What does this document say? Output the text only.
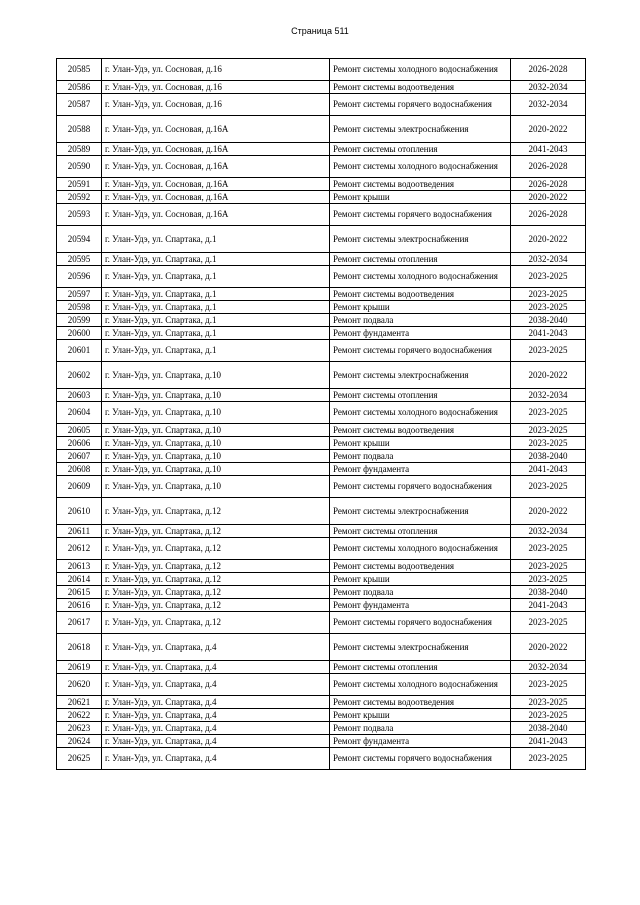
Страница 511
20585	г. Улан-Удэ, ул. Сосновая, д.16	Ремонт системы холодного водоснабжения	2026-2028
20586	г. Улан-Удэ, ул. Сосновая, д.16	Ремонт системы водоотведения	2032-2034
20587	г. Улан-Удэ, ул. Сосновая, д.16	Ремонт системы горячего водоснабжения	2032-2034
20588	г. Улан-Удэ, ул. Сосновая, д.16А	Ремонт системы электроснабжения	2020-2022
20589	г. Улан-Удэ, ул. Сосновая, д.16А	Ремонт системы отопления	2041-2043
20590	г. Улан-Удэ, ул. Сосновая, д.16А	Ремонт системы холодного водоснабжения	2026-2028
20591	г. Улан-Удэ, ул. Сосновая, д.16А	Ремонт системы водоотведения	2026-2028
20592	г. Улан-Удэ, ул. Сосновая, д.16А	Ремонт крыши	2020-2022
20593	г. Улан-Удэ, ул. Сосновая, д.16А	Ремонт системы горячего водоснабжения	2026-2028
20594	г. Улан-Удэ, ул. Спартака, д.1	Ремонт системы электроснабжения	2020-2022
20595	г. Улан-Удэ, ул. Спартака, д.1	Ремонт системы отопления	2032-2034
20596	г. Улан-Удэ, ул. Спартака, д.1	Ремонт системы холодного водоснабжения	2023-2025
20597	г. Улан-Удэ, ул. Спартака, д.1	Ремонт системы водоотведения	2023-2025
20598	г. Улан-Удэ, ул. Спартака, д.1	Ремонт крыши	2023-2025
20599	г. Улан-Удэ, ул. Спартака, д.1	Ремонт подвала	2038-2040
20600	г. Улан-Удэ, ул. Спартака, д.1	Ремонт фундамента	2041-2043
20601	г. Улан-Удэ, ул. Спартака, д.1	Ремонт системы горячего водоснабжения	2023-2025
20602	г. Улан-Удэ, ул. Спартака, д.10	Ремонт системы электроснабжения	2020-2022
20603	г. Улан-Удэ, ул. Спартака, д.10	Ремонт системы отопления	2032-2034
20604	г. Улан-Удэ, ул. Спартака, д.10	Ремонт системы холодного водоснабжения	2023-2025
20605	г. Улан-Удэ, ул. Спартака, д.10	Ремонт системы водоотведения	2023-2025
20606	г. Улан-Удэ, ул. Спартака, д.10	Ремонт крыши	2023-2025
20607	г. Улан-Удэ, ул. Спартака, д.10	Ремонт подвала	2038-2040
20608	г. Улан-Удэ, ул. Спартака, д.10	Ремонт фундамента	2041-2043
20609	г. Улан-Удэ, ул. Спартака, д.10	Ремонт системы горячего водоснабжения	2023-2025
20610	г. Улан-Удэ, ул. Спартака, д.12	Ремонт системы электроснабжения	2020-2022
20611	г. Улан-Удэ, ул. Спартака, д.12	Ремонт системы отопления	2032-2034
20612	г. Улан-Удэ, ул. Спартака, д.12	Ремонт системы холодного водоснабжения	2023-2025
20613	г. Улан-Удэ, ул. Спартака, д.12	Ремонт системы водоотведения	2023-2025
20614	г. Улан-Удэ, ул. Спартака, д.12	Ремонт крыши	2023-2025
20615	г. Улан-Удэ, ул. Спартака, д.12	Ремонт подвала	2038-2040
20616	г. Улан-Удэ, ул. Спартака, д.12	Ремонт фундамента	2041-2043
20617	г. Улан-Удэ, ул. Спартака, д.12	Ремонт системы горячего водоснабжения	2023-2025
20618	г. Улан-Удэ, ул. Спартака, д.4	Ремонт системы электроснабжения	2020-2022
20619	г. Улан-Удэ, ул. Спартака, д.4	Ремонт системы отопления	2032-2034
20620	г. Улан-Удэ, ул. Спартака, д.4	Ремонт системы холодного водоснабжения	2023-2025
20621	г. Улан-Удэ, ул. Спартака, д.4	Ремонт системы водоотведения	2023-2025
20622	г. Улан-Удэ, ул. Спартака, д.4	Ремонт крыши	2023-2025
20623	г. Улан-Удэ, ул. Спартака, д.4	Ремонт подвала	2038-2040
20624	г. Улан-Удэ, ул. Спартака, д.4	Ремонт фундамента	2041-2043
20625	г. Улан-Удэ, ул. Спартака, д.4	Ремонт системы горячего водоснабжения	2023-2025
